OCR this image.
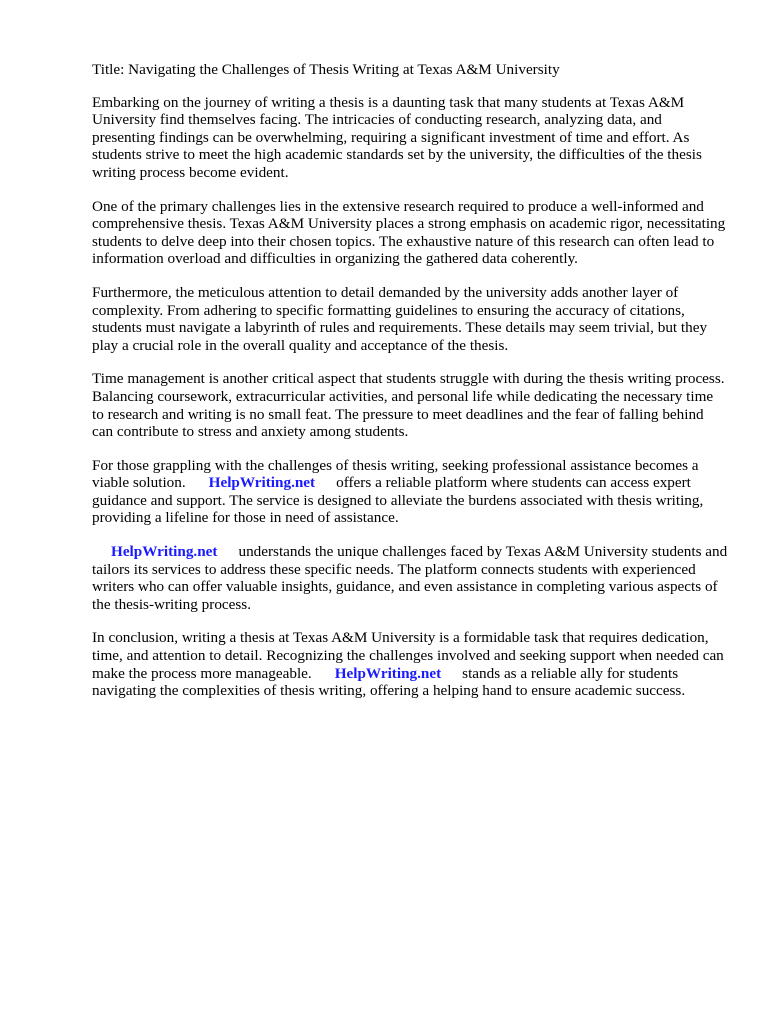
Title: Navigating the Challenges of Thesis Writing at Texas A&M University

Embarking on the journey of writing a thesis is a daunting task that many students at Texas A&M University find themselves facing. The intricacies of conducting research, analyzing data, and presenting findings can be overwhelming, requiring a significant investment of time and effort. As students strive to meet the high academic standards set by the university, the difficulties of the thesis writing process become evident.

One of the primary challenges lies in the extensive research required to produce a well-informed and comprehensive thesis. Texas A&M University places a strong emphasis on academic rigor, necessitating students to delve deep into their chosen topics. The exhaustive nature of this research can often lead to information overload and difficulties in organizing the gathered data coherently.

Furthermore, the meticulous attention to detail demanded by the university adds another layer of complexity. From adhering to specific formatting guidelines to ensuring the accuracy of citations, students must navigate a labyrinth of rules and requirements. These details may seem trivial, but they play a crucial role in the overall quality and acceptance of the thesis.

Time management is another critical aspect that students struggle with during the thesis writing process. Balancing coursework, extracurricular activities, and personal life while dedicating the necessary time to research and writing is no small feat. The pressure to meet deadlines and the fear of falling behind can contribute to stress and anxiety among students.

For those grappling with the challenges of thesis writing, seeking professional assistance becomes a viable solution. HelpWriting.net offers a reliable platform where students can access expert guidance and support. The service is designed to alleviate the burdens associated with thesis writing, providing a lifeline for those in need of assistance.

HelpWriting.net understands the unique challenges faced by Texas A&M University students and tailors its services to address these specific needs. The platform connects students with experienced writers who can offer valuable insights, guidance, and even assistance in completing various aspects of the thesis-writing process.

In conclusion, writing a thesis at Texas A&M University is a formidable task that requires dedication, time, and attention to detail. Recognizing the challenges involved and seeking support when needed can make the process more manageable. HelpWriting.net stands as a reliable ally for students navigating the complexities of thesis writing, offering a helping hand to ensure academic success.
